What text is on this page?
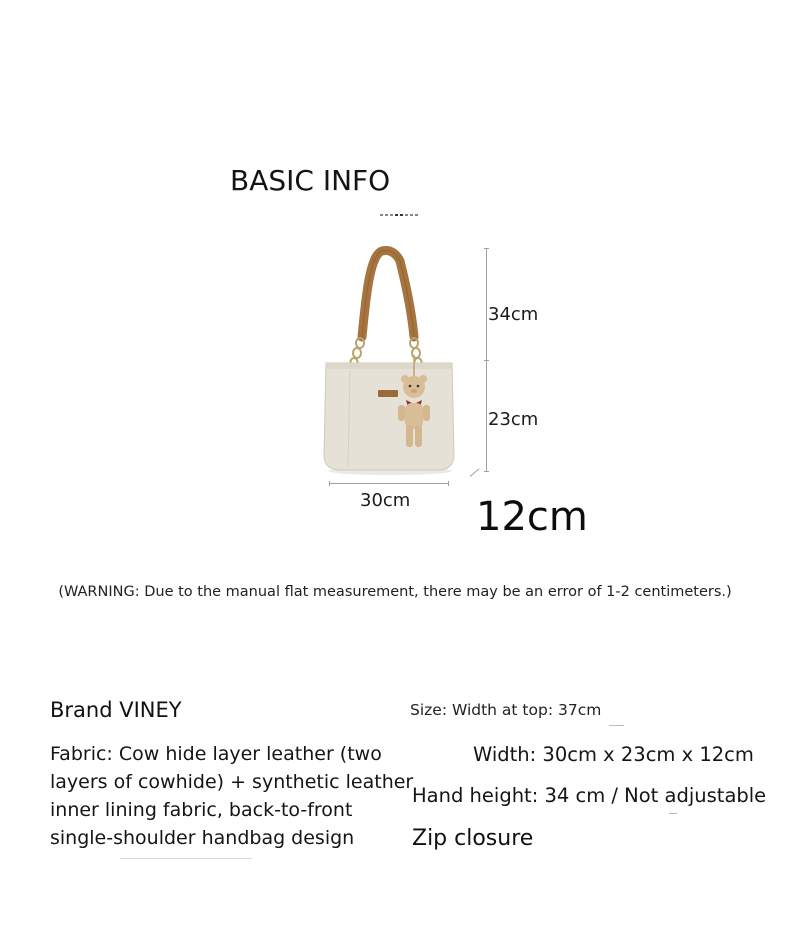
BASIC INFO
34cm
23cm
30cm 12cm
(WARNING: Due to the manual flat measurement, there may be an error of 1-2 centimeters.)
Brand VINEY
Fabric: Cow hide layer leather (two
layers of cowhide) + synthetic leather
inner lining fabric, back-to-front
single-shoulder handbag design
Size: Width at top: 37cm
Width: 30cm x 23cm x 12cm
Hand height: 34 cm / Not adjustable
Zip closure
